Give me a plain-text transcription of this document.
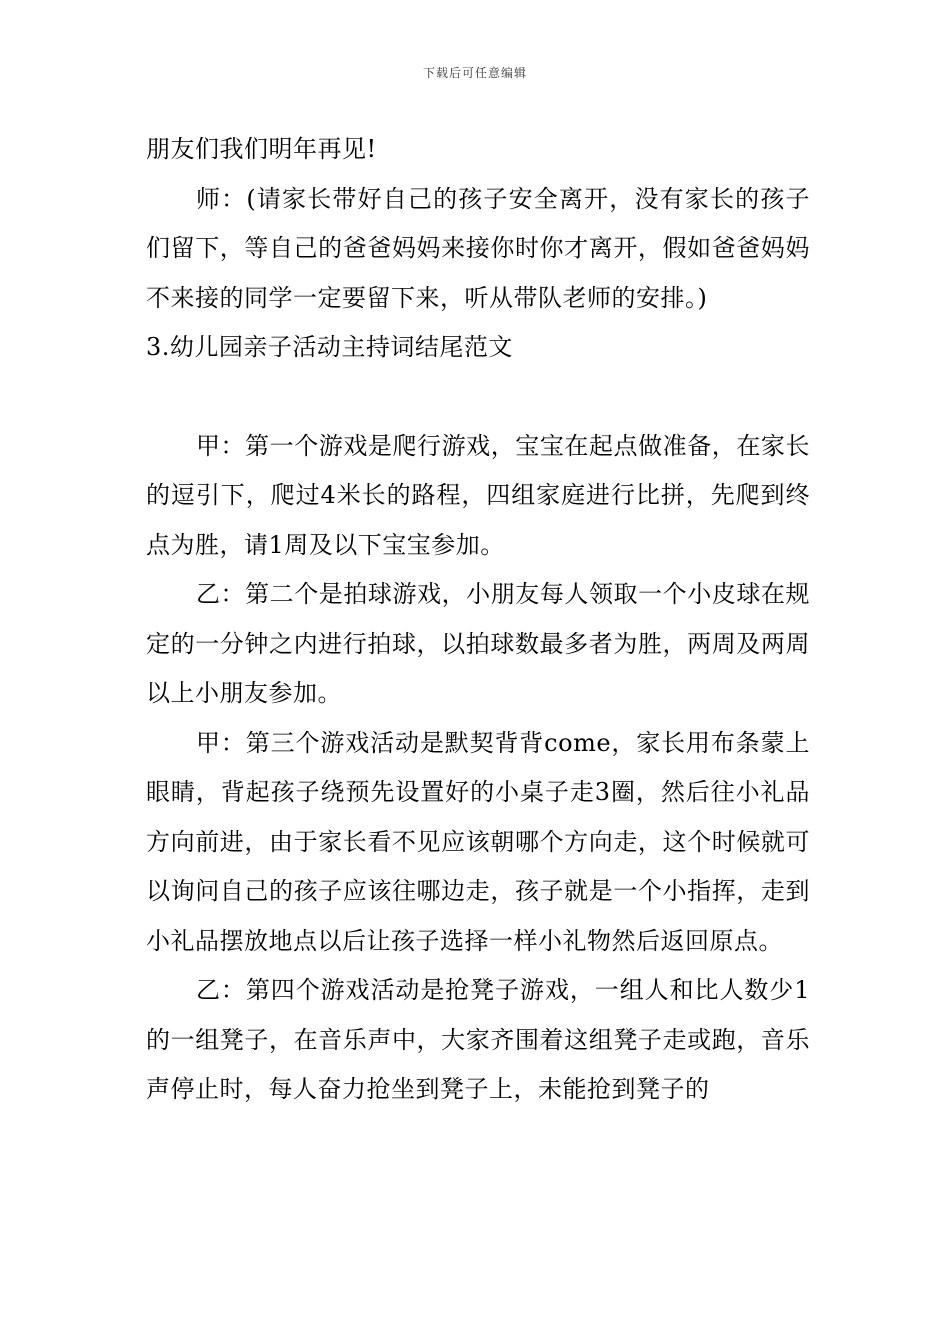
下载后可任意编辑

朋友们我们明年再见!

师：(请家长带好自己的孩子安全离开，没有家长的孩子们留下，等自己的爸爸妈妈来接你时你才离开，假如爸爸妈妈不来接的同学一定要留下来，听从带队老师的安排。)

3.幼儿园亲子活动主持词结尾范文

甲：第一个游戏是爬行游戏，宝宝在起点做准备，在家长的逗引下，爬过4米长的路程，四组家庭进行比拼，先爬到终点为胜，请1周及以下宝宝参加。

乙：第二个是拍球游戏，小朋友每人领取一个小皮球在规定的一分钟之内进行拍球，以拍球数最多者为胜，两周及两周以上小朋友参加。

甲：第三个游戏活动是默契背背come，家长用布条蒙上眼睛，背起孩子绕预先设置好的小桌子走3圈，然后往小礼品方向前进，由于家长看不见应该朝哪个方向走，这个时候就可以询问自己的孩子应该往哪边走，孩子就是一个小指挥，走到小礼品摆放地点以后让孩子选择一样小礼物然后返回原点。

乙：第四个游戏活动是抢凳子游戏，一组人和比人数少1的一组凳子，在音乐声中，大家齐围着这组凳子走或跑，音乐声停止时，每人奋力抢坐到凳子上，未能抢到凳子的
